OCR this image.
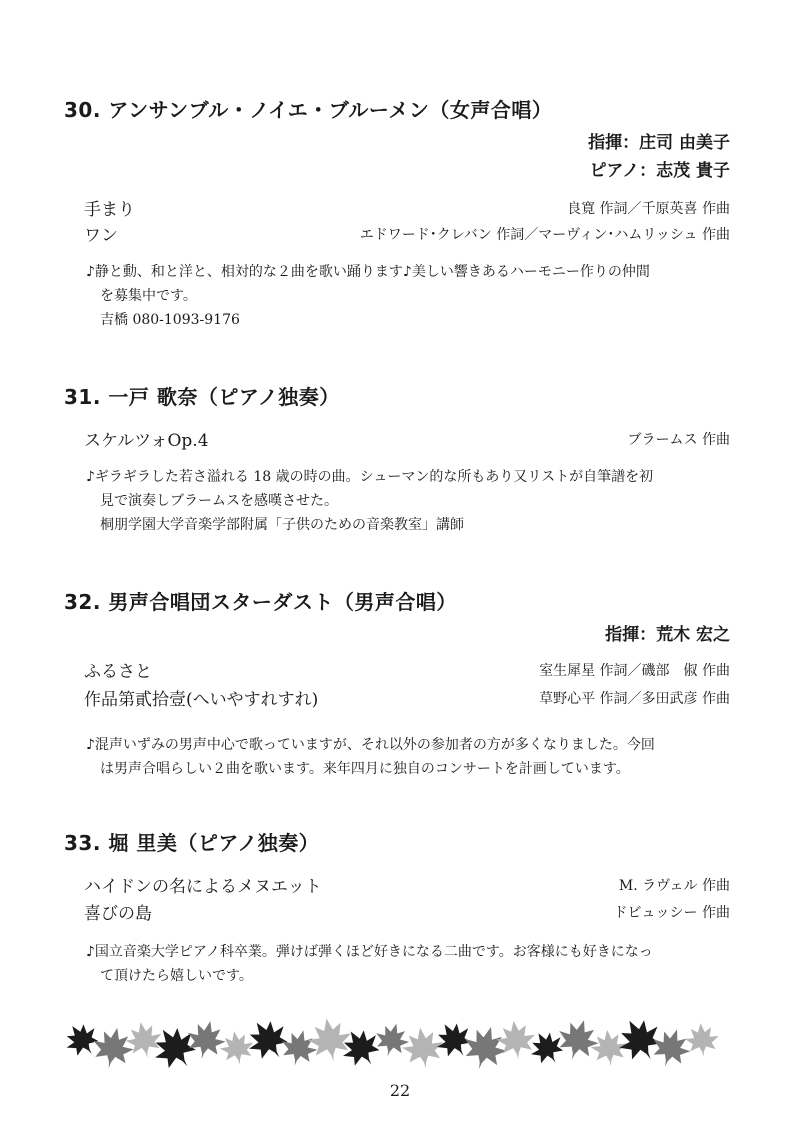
30. アンサンブル・ノイエ・ブルーメン（女声合唱）
指揮：庄司 由美子
ピアノ：志茂 貴子
手まり	良寛 作詞／千原英喜 作曲
ワン	エドワード･クレバン 作詞／マーヴィン･ハムリッシュ 作曲
♪静と動、和と洋と、相対的な２曲を歌い踊ります♪美しい響きあるハーモニー作りの仲間
を募集中です。
吉橋 080-1093-9176
31. 一戸 歌奈（ピアノ独奏）
スケルツォOp.4	ブラームス 作曲
♪ギラギラした若さ溢れる 18 歳の時の曲。シューマン的な所もあり又リストが自筆譜を初
見で演奏しブラームスを感嘆させた。
桐朋学園大学音楽学部附属「子供のための音楽教室」講師
32. 男声合唱団スターダスト（男声合唱）
指揮：荒木 宏之
ふるさと	室生犀星 作詞／磯部　俶 作曲
作品第貳拾壹(へいやすれすれ)	草野心平 作詞／多田武彦 作曲
♪混声いずみの男声中心で歌っていますが、それ以外の参加者の方が多くなりました。今回
は男声合唱らしい２曲を歌います。来年四月に独自のコンサートを計画しています。
33. 堀 里美（ピアノ独奏）
ハイドンの名によるメヌエット	M. ラヴェル 作曲
喜びの島	ドビュッシー 作曲
♪国立音楽大学ピアノ科卒業。弾けば弾くほど好きになる二曲です。お客様にも好きになっ
て頂けたら嬉しいです。
22
